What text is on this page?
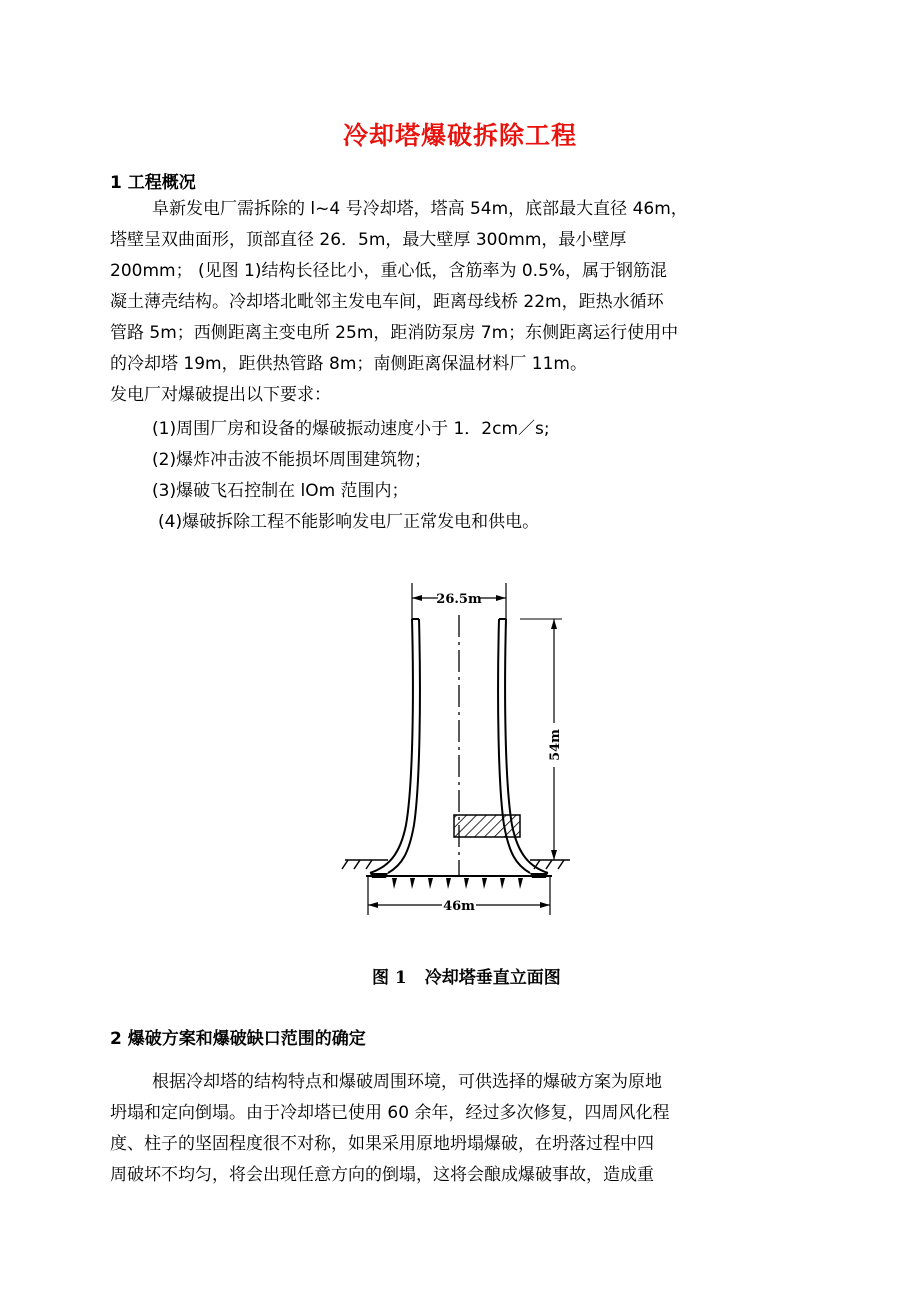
冷却塔爆破拆除工程
1 工程概况
阜新发电厂需拆除的 l~4 号冷却塔，塔高 54m，底部最大直径 46m，
塔壁呈双曲面形，顶部直径 26．5m，最大壁厚 300mm，最小壁厚
200mm； (见图 1)结构长径比小，重心低，含筋率为 0.5%，属于钢筋混
凝土薄壳结构。冷却塔北毗邻主发电车间，距离母线桥 22m，距热水循环
管路 5m；西侧距离主变电所 25m，距消防泵房 7m；东侧距离运行使用中
的冷却塔 19m，距供热管路 8m；南侧距离保温材料厂 11m。
发电厂对爆破提出以下要求：
(1)周围厂房和设备的爆破振动速度小于 1．2cm／s;
(2)爆炸冲击波不能损坏周围建筑物；
(3)爆破飞石控制在 lOm 范围内；
(4)爆破拆除工程不能影响发电厂正常发电和供电。
26.5m
54m
46m
图 1 冷却塔垂直立面图
2 爆破方案和爆破缺口范围的确定
根据冷却塔的结构特点和爆破周围环境，可供选择的爆破方案为原地
坍塌和定向倒塌。由于冷却塔已使用 60 余年，经过多次修复，四周风化程
度、柱子的坚固程度很不对称，如果采用原地坍塌爆破，在坍落过程中四
周破坏不均匀，将会出现任意方向的倒塌，这将会酿成爆破事故，造成重
